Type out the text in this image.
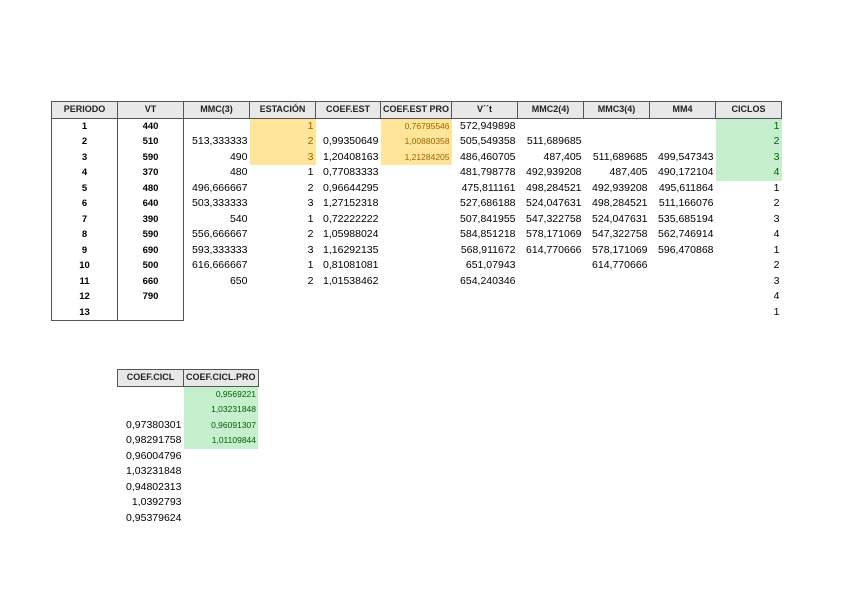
PERIODO	VT	MMC(3)	ESTACIÓN	COEF.EST	COEF.EST PRO	V´´t	MMC2(4)	MMC3(4)	MM4	CICLOS
1	440		1		0,76795546	572,949898				1
2	510	513,333333	2	0,99350649	1,00880358	505,549358	511,689685			2
3	590	490	3	1,20408163	1,21284205	486,460705	487,405	511,689685	499,547343	3
4	370	480	1	0,77083333		481,798778	492,939208	487,405	490,172104	4
5	480	496,666667	2	0,96644295		475,811161	498,284521	492,939208	495,611864	1
6	640	503,333333	3	1,27152318		527,686188	524,047631	498,284521	511,166076	2
7	390	540	1	0,72222222		507,841955	547,322758	524,047631	535,685194	3
8	590	556,666667	2	1,05988024		584,851218	578,171069	547,322758	562,746914	4
9	690	593,333333	3	1,16292135		568,911672	614,770666	578,171069	596,470868	1
10	500	616,666667	1	0,81081081		651,07943		614,770666		2
11	660	650	2	1,01538462		654,240346				3
12	790									4
13										1
COEF.CICL	COEF.CICL.PRO
	0,9569221
	1,03231848
0,97380301	0,96091307
0,98291758	1,01109844
0,96004796	
1,03231848	
0,94802313	
1,0392793	
0,95379624	
